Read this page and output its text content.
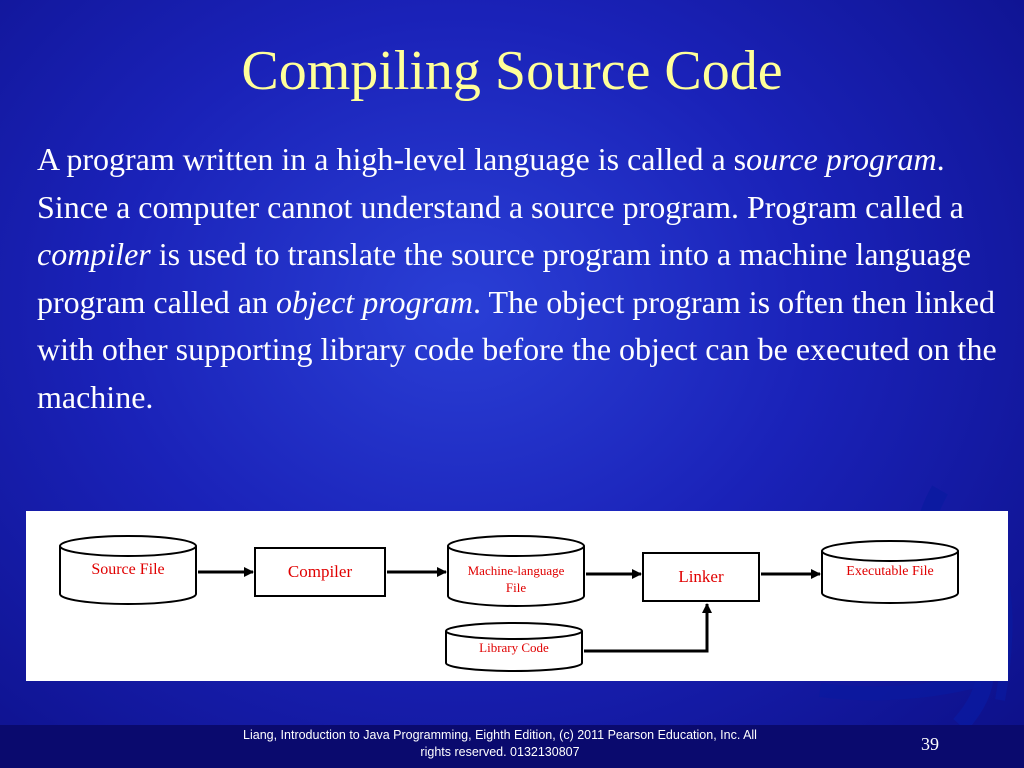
Compiling Source Code
A program written in a high-level language is called a source program. Since a computer cannot understand a source program. Program called a compiler is used to translate the source program into a machine language program called an object program. The object program is often then linked with other supporting library code before the object can be executed on the machine.
Source File	Compiler	Machine-language
File
Linker	Executable File
Library Code
Liang, Introduction to Java Programming, Eighth Edition, (c) 2011 Pearson Education, Inc. All
rights reserved. 0132130807	39
